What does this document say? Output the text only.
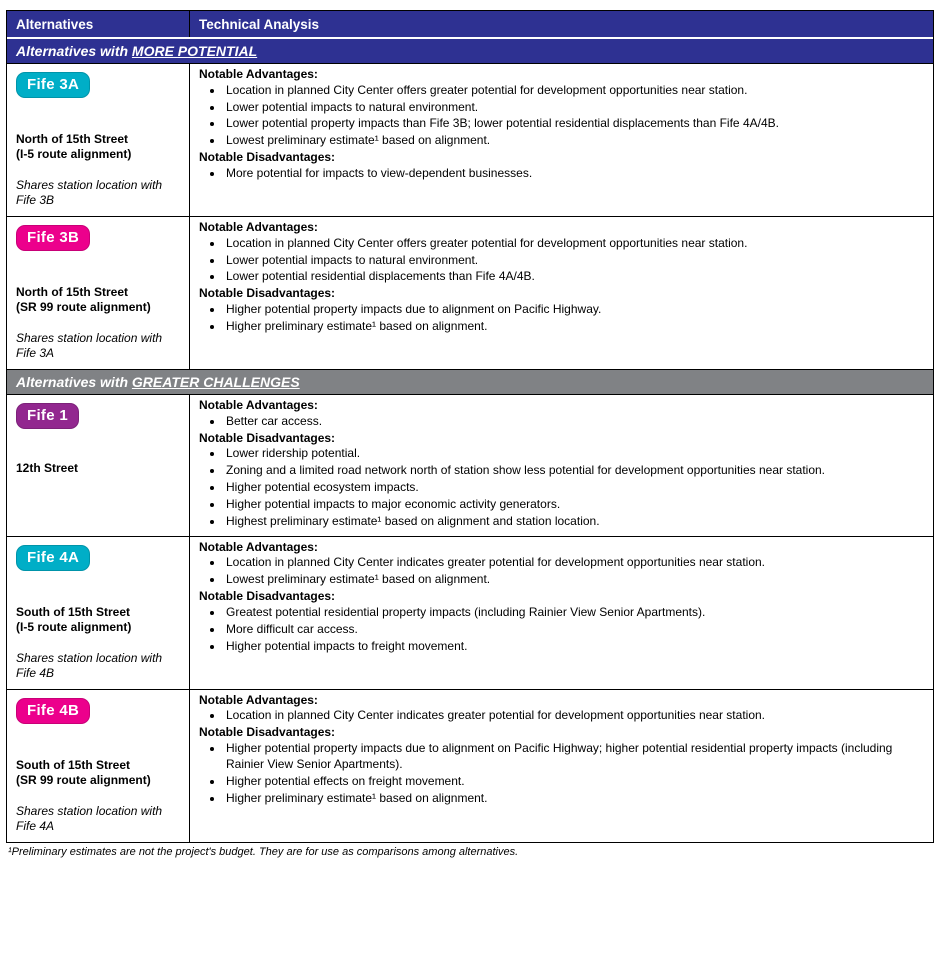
Alternatives	Technical Analysis
Alternatives with MORE POTENTIAL
Fife 3A
North of 15th Street
(I-5 route alignment)
Shares station location with Fife 3B
Notable Advantages:
• Location in planned City Center offers greater potential for development opportunities near station.
• Lower potential impacts to natural environment.
• Lower potential property impacts than Fife 3B; lower potential residential displacements than Fife 4A/4B.
• Lowest preliminary estimate¹ based on alignment.
Notable Disadvantages:
• More potential for impacts to view-dependent businesses.
Fife 3B
North of 15th Street
(SR 99 route alignment)
Shares station location with Fife 3A
Notable Advantages:
• Location in planned City Center offers greater potential for development opportunities near station.
• Lower potential impacts to natural environment.
• Lower potential residential displacements than Fife 4A/4B.
Notable Disadvantages:
• Higher potential property impacts due to alignment on Pacific Highway.
• Higher preliminary estimate¹ based on alignment.
Alternatives with GREATER CHALLENGES
Fife 1
12th Street
Notable Advantages:
• Better car access.
Notable Disadvantages:
• Lower ridership potential.
• Zoning and a limited road network north of station show less potential for development opportunities near station.
• Higher potential ecosystem impacts.
• Higher potential impacts to major economic activity generators.
• Highest preliminary estimate¹ based on alignment and station location.
Fife 4A
South of 15th Street
(I-5 route alignment)
Shares station location with Fife 4B
Notable Advantages:
• Location in planned City Center indicates greater potential for development opportunities near station.
• Lowest preliminary estimate¹ based on alignment.
Notable Disadvantages:
• Greatest potential residential property impacts (including Rainier View Senior Apartments).
• More difficult car access.
• Higher potential impacts to freight movement.
Fife 4B
South of 15th Street
(SR 99 route alignment)
Shares station location with Fife 4A
Notable Advantages:
• Location in planned City Center indicates greater potential for development opportunities near station.
Notable Disadvantages:
• Higher potential property impacts due to alignment on Pacific Highway; higher potential residential property impacts (including Rainier View Senior Apartments).
• Higher potential effects on freight movement.
• Higher preliminary estimate¹ based on alignment.
¹Preliminary estimates are not the project's budget. They are for use as comparisons among alternatives.
